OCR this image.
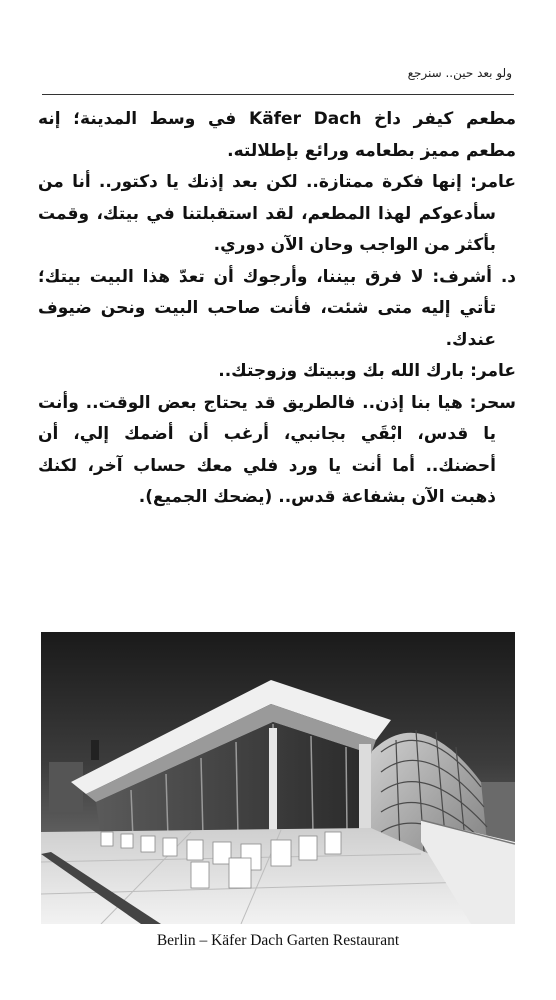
ولو بعد حين.. سنرجع

مطعم كيفر داخ Käfer Dach في وسط المدينة؛ إنه مطعم مميز بطعامه ورائع بإطلالته.

عامر: إنها فكرة ممتازة.. لكن بعد إذنك يا دكتور.. أنا من سأدعوكم لهذا المطعم، لقد استقبلتنا في بيتك، وقمت بأكثر من الواجب وحان الآن دوري.

د. أشرف: لا فرق بيننا، وأرجوك أن تعدّ هذا البيت بيتك؛ تأتي إليه متى شئت، فأنت صاحب البيت ونحن ضيوف عندك.

عامر: بارك الله بك وببيتك وزوجتك..

سحر: هيا بنا إذن.. فالطريق قد يحتاج بعض الوقت.. وأنت يا قدس، ابْقَي بجانبي، أرغب أن أضمك إلي، أن أحضنك.. أما أنت يا ورد فلي معك حساب آخر، لكنك ذهبت الآن بشفاعة قدس.. (يضحك الجميع).

Berlin – Käfer Dach Garten Restaurant
